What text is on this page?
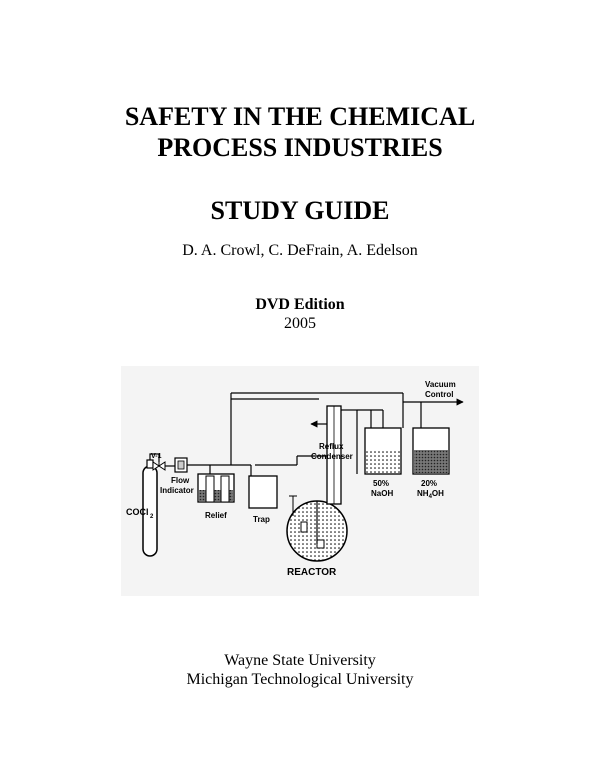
SAFETY IN THE CHEMICAL
PROCESS INDUSTRIES
STUDY GUIDE
D. A. Crowl, C. DeFrain, A. Edelson
DVD Edition
2005
COCl 2
V-1
Flow
Indicator
Vacuum
Control
Relief	Trap
REACTOR
Reflux
Condenser
50%
NaOH
20%
$NH_4OH$
Wayne State University
Michigan Technological University
